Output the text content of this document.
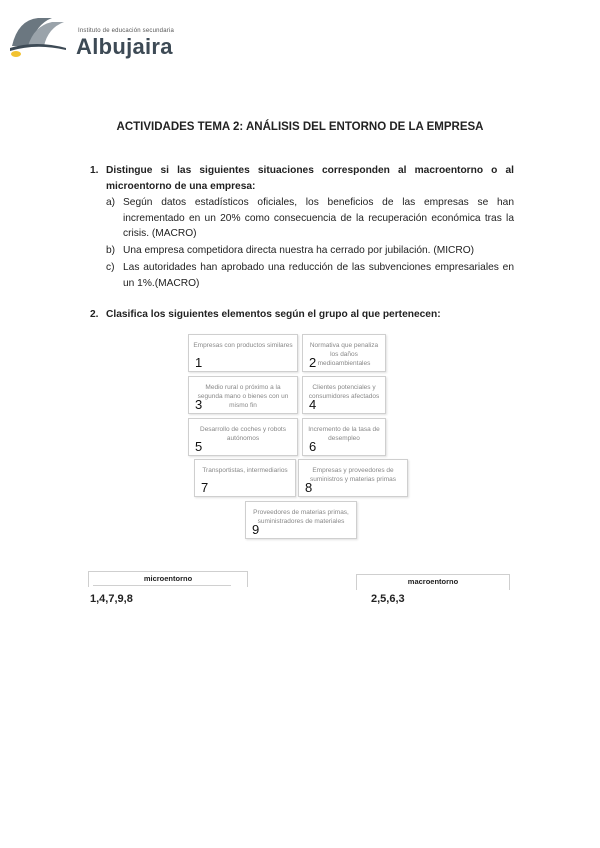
Instituto de educación secundaria
Albujaira
ACTIVIDADES TEMA 2: ANÁLISIS DEL ENTORNO DE LA EMPRESA
1. Distingue si las siguientes situaciones corresponden al macroentorno o al microentorno de una empresa:
a) Según datos estadísticos oficiales, los beneficios de las empresas se han incrementado en un 20% como consecuencia de la recuperación económica tras la crisis. (MACRO)
b) Una empresa competidora directa nuestra ha cerrado por jubilación. (MICRO)
c) Las autoridades han aprobado una reducción de las subvenciones empresariales en un 1%.(MACRO)
2. Clasifica los siguientes elementos según el grupo al que pertenecen:
Empresas con productos similares
1
Normativa que penaliza los daños medioambientales
2
Medio rural o próximo a la segunda mano o bienes con un mismo fin
3
Clientes potenciales y consumidores afectados
4
Desarrollo de coches y robots autónomos
5
Incremento de la tasa de desempleo
6
Transportistas, intermediarios
7
Empresas y proveedores de suministros y materias primas
8
Proveedores de materias primas, suministradores de materiales
9
microentorno	macroentorno
1,4,7,9,8	2,5,6,3
